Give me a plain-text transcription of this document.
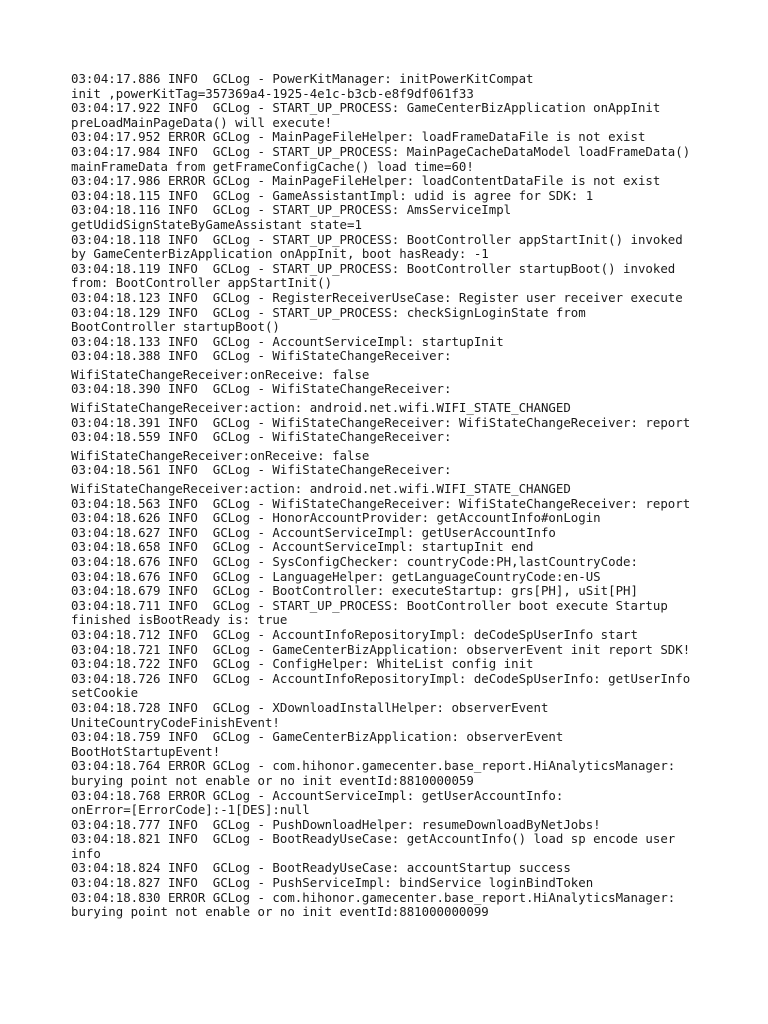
03:04:17.886 INFO  GCLog - PowerKitManager: initPowerKitCompat
init ,powerKitTag=357369a4-1925-4e1c-b3cb-e8f9df061f33
03:04:17.922 INFO  GCLog - START_UP_PROCESS: GameCenterBizApplication onAppInit
preLoadMainPageData() will execute!
03:04:17.952 ERROR GCLog - MainPageFileHelper: loadFrameDataFile is not exist
03:04:17.984 INFO  GCLog - START_UP_PROCESS: MainPageCacheDataModel loadFrameData()
mainFrameData from getFrameConfigCache() load time=60!
03:04:17.986 ERROR GCLog - MainPageFileHelper: loadContentDataFile is not exist
03:04:18.115 INFO  GCLog - GameAssistantImpl: udid is agree for SDK: 1
03:04:18.116 INFO  GCLog - START_UP_PROCESS: AmsServiceImpl
getUdidSignStateByGameAssistant state=1
03:04:18.118 INFO  GCLog - START_UP_PROCESS: BootController appStartInit() invoked
by GameCenterBizApplication onAppInit, boot hasReady: -1
03:04:18.119 INFO  GCLog - START_UP_PROCESS: BootController startupBoot() invoked
from: BootController appStartInit()
03:04:18.123 INFO  GCLog - RegisterReceiverUseCase: Register user receiver execute
03:04:18.129 INFO  GCLog - START_UP_PROCESS: checkSignLoginState from
BootController startupBoot()
03:04:18.133 INFO  GCLog - AccountServiceImpl: startupInit
03:04:18.388 INFO  GCLog - WifiStateChangeReceiver:
WifiStateChangeReceiver:onReceive: false
03:04:18.390 INFO  GCLog - WifiStateChangeReceiver:
WifiStateChangeReceiver:action: android.net.wifi.WIFI_STATE_CHANGED
03:04:18.391 INFO  GCLog - WifiStateChangeReceiver: WifiStateChangeReceiver: report
03:04:18.559 INFO  GCLog - WifiStateChangeReceiver:
WifiStateChangeReceiver:onReceive: false
03:04:18.561 INFO  GCLog - WifiStateChangeReceiver:
WifiStateChangeReceiver:action: android.net.wifi.WIFI_STATE_CHANGED
03:04:18.563 INFO  GCLog - WifiStateChangeReceiver: WifiStateChangeReceiver: report
03:04:18.626 INFO  GCLog - HonorAccountProvider: getAccountInfo#onLogin
03:04:18.627 INFO  GCLog - AccountServiceImpl: getUserAccountInfo
03:04:18.658 INFO  GCLog - AccountServiceImpl: startupInit end
03:04:18.676 INFO  GCLog - SysConfigChecker: countryCode:PH,lastCountryCode:
03:04:18.676 INFO  GCLog - LanguageHelper: getLanguageCountryCode:en-US
03:04:18.679 INFO  GCLog - BootController: executeStartup: grs[PH], uSit[PH]
03:04:18.711 INFO  GCLog - START_UP_PROCESS: BootController boot execute Startup
finished isBootReady is: true
03:04:18.712 INFO  GCLog - AccountInfoRepositoryImpl: deCodeSpUserInfo start
03:04:18.721 INFO  GCLog - GameCenterBizApplication: observerEvent init report SDK!
03:04:18.722 INFO  GCLog - ConfigHelper: WhiteList config init
03:04:18.726 INFO  GCLog - AccountInfoRepositoryImpl: deCodeSpUserInfo: getUserInfo
setCookie
03:04:18.728 INFO  GCLog - XDownloadInstallHelper: observerEvent
UniteCountryCodeFinishEvent!
03:04:18.759 INFO  GCLog - GameCenterBizApplication: observerEvent
BootHotStartupEvent!
03:04:18.764 ERROR GCLog - com.hihonor.gamecenter.base_report.HiAnalyticsManager:
burying point not enable or no init eventId:8810000059
03:04:18.768 ERROR GCLog - AccountServiceImpl: getUserAccountInfo:
onError=[ErrorCode]:-1[DES]:null
03:04:18.777 INFO  GCLog - PushDownloadHelper: resumeDownloadByNetJobs!
03:04:18.821 INFO  GCLog - BootReadyUseCase: getAccountInfo() load sp encode user
info
03:04:18.824 INFO  GCLog - BootReadyUseCase: accountStartup success
03:04:18.827 INFO  GCLog - PushServiceImpl: bindService loginBindToken
03:04:18.830 ERROR GCLog - com.hihonor.gamecenter.base_report.HiAnalyticsManager:
burying point not enable or no init eventId:881000000099
